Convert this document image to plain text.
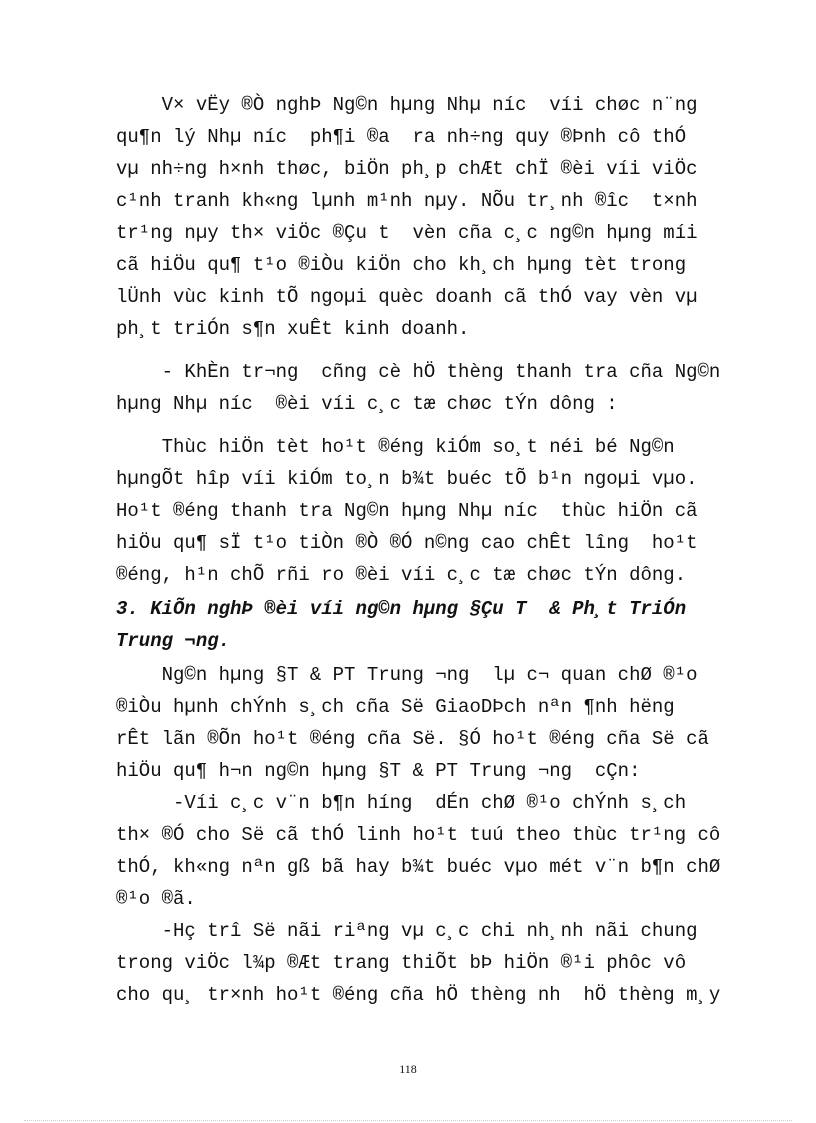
V× vËy ®Ò nghÞ Ng©n hµng Nhµ níc  víi chøc n¨ng
qu¶n lý Nhµ níc  ph¶i ®a  ra nh÷ng quy ®Þnh cô thÓ
vµ nh÷ng h×nh thøc, biÖn ph¸p chÆt chÏ ®èi víi viÖc
c¹nh tranh kh«ng lµnh m¹nh nµy. NÕu tr¸nh ®îc  t×nh
tr¹ng nµy th× viÖc ®Çu t  vèn cña c¸c ng©n hµng míi
cã hiÖu qu¶ t¹o ®iÒu kiÖn cho kh¸ch hµng tèt trong
lÜnh vùc kinh tÕ ngoµi quèc doanh cã thÓ vay vèn vµ
ph¸t triÓn s¶n xuÊt kinh doanh.
- KhÈn tr¬ng  cñng cè hÖ thèng thanh tra cña Ng©n
hµng Nhµ níc  ®èi víi c¸c tæ chøc tÝn dông :
Thùc hiÖn tèt ho¹t ®éng kiÓm so¸t néi bé Ng©n
hµngÕt hîp víi kiÓm to¸n b¾t buéc tÕ b¹n ngoµi vµo.
Ho¹t ®éng thanh tra Ng©n hµng Nhµ níc  thùc hiÖn cã
hiÖu qu¶ sÏ t¹o tiÒn ®Ò ®Ó n©ng cao chÊt lîng  ho¹t
®éng, h¹n chÕ rñi ro ®èi víi c¸c tæ chøc tÝn dông.
3. KiÕn nghÞ ®èi víi ng©n hµng §Çu T  & Ph¸t TriÓn
Trung ¬ng.
Ng©n hµng §T & PT Trung ¬ng  lµ c¬ quan chØ ®¹o
®iÒu hµnh chÝnh s¸ch cña Së GiaoDÞch nªn ¶nh hëng
rÊt lãn ®Õn ho¹t ®éng cña Së. §Ó ho¹t ®éng cña Së cã
hiÖu qu¶ h¬n ng©n hµng §T & PT Trung ¬ng  cÇn:
-Víi c¸c v¨n b¶n híng  dÉn chØ ®¹o chÝnh s¸ch
th× ®Ó cho Së cã thÓ linh ho¹t tuú theo thùc tr¹ng cô
thÓ, kh«ng nªn gß bã hay b¾t buéc vµo mét v¨n b¶n chØ
®¹o ®ã.
-Hç trî Së nãi riªng vµ c¸c chi nh¸nh nãi chung
trong viÖc l¾p ®Æt trang thiÕt bÞ hiÖn ®¹i phôc vô
cho qu¸ tr×nh ho¹t ®éng cña hÖ thèng nh  hÖ thèng m¸y
118
